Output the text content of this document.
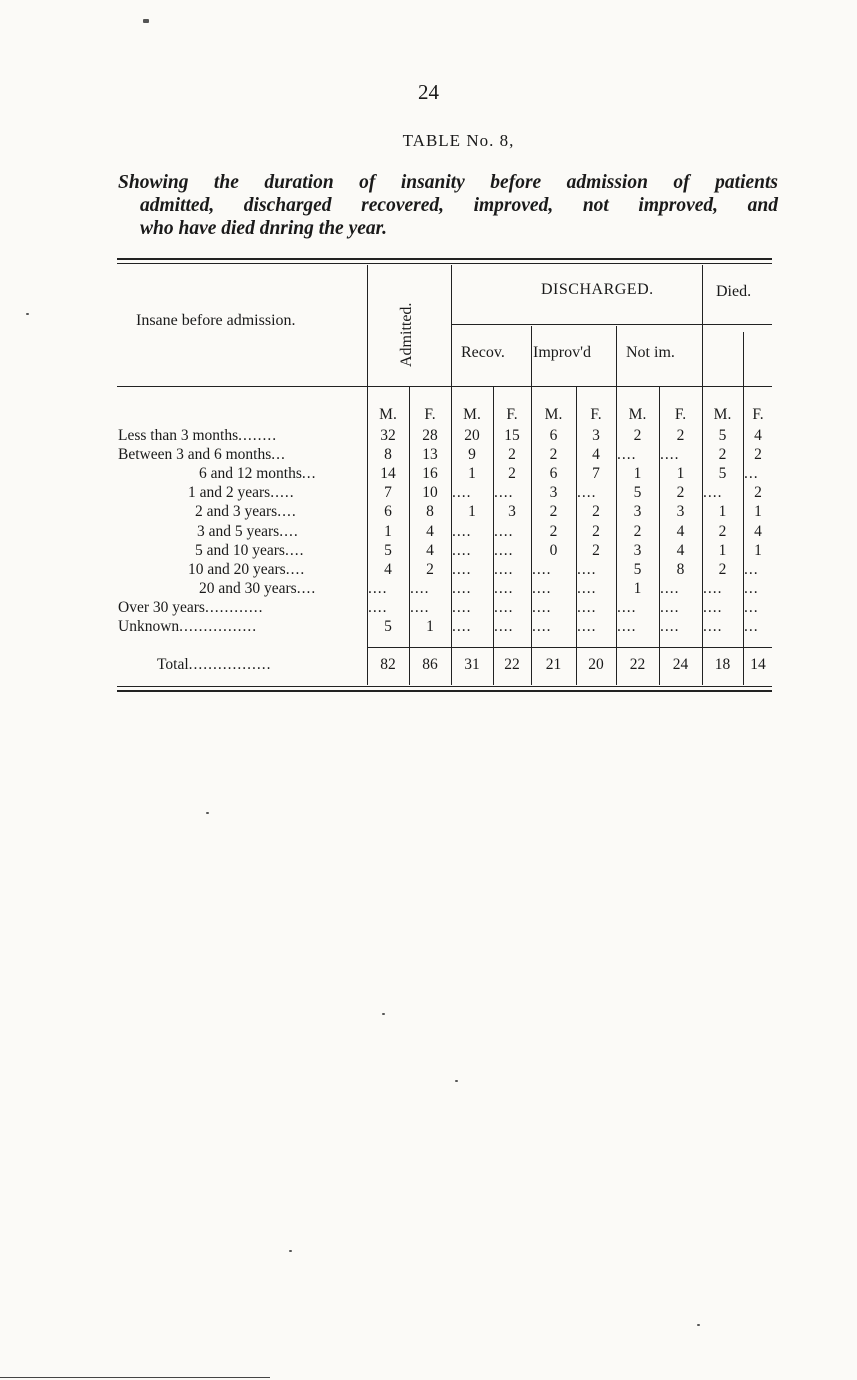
24
TABLE No. 8,
Showing the duration of insanity before admission of patients
admitted, discharged recovered, improved, not improved, and
who have died dnring the year.
Insane before admission.	Admitted.
DISCHARGED.	Died.
Recov. Improv'd Not im.
M.	F.	M.	F.	M.	F.	M.	F.	M.	F.
Less than 3 months........	32	28	20	15	6	3	2	2	5	4
Between 3 and 6 months...	8	13	9	2	2	4	....	....	2	2
6 and 12 months...	14	16	1	2	6	7	1	1	5	...
1 and 2 years.....	7	10 ....	....	3	....	5	2	....	2
2 and 3 years....	6	8	1	3	2	2	3	3	1	1
3 and 5 years....	1	4	....	....	2	2	2	4	2	4
5 and 10 years....	5	4	....	....	0	2	3	4	1	1
10 and 20 years....	4	2	....	....	....	....	5	8	2	...
20 and 30 years....	....	....	....	....	....	....	1	....	....	...
Over 30 years............	....	....	....	....	....	....	....	....	....	...
Unknown................	5	1	....	....	....	....	....	....	....	...
Total.................	82	86	31	22	21	20	22	24	18	14
